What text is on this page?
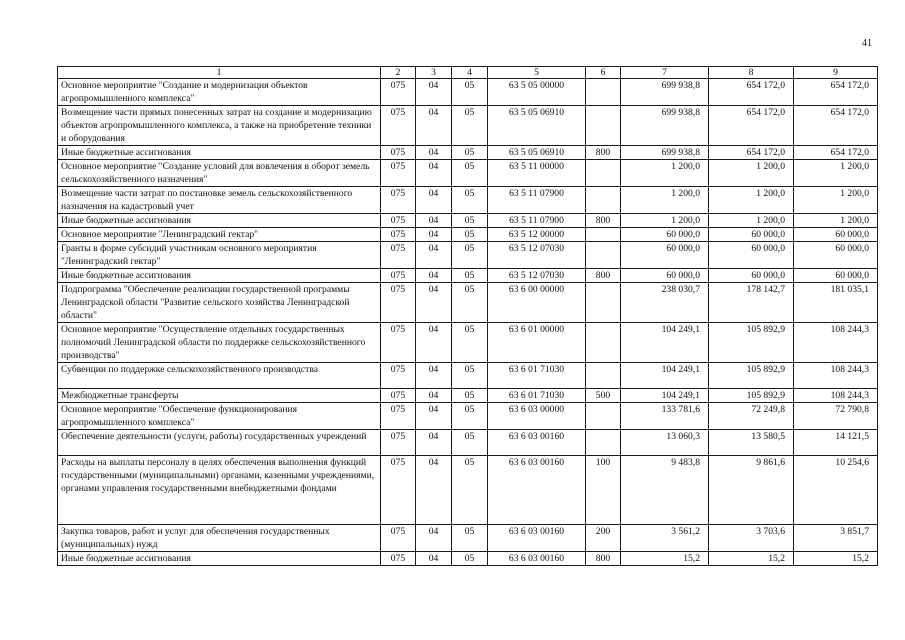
41
1	2	3	4	5	6	7	8	9
Основное мероприятие "Создание и модернизация объектов агропромышленного комплекса"	075	04	05	63 5 05 00000		699 938,8	654 172,0	654 172,0
Возмещение части прямых понесенных затрат на создание и модернизацию объектов агропромышленного комплекса, а также на приобретение техники и оборудования	075	04	05	63 5 05 06910		699 938,8	654 172,0	654 172,0
Иные бюджетные ассигнования	075	04	05	63 5 05 06910	800	699 938,8	654 172,0	654 172,0
Основное мероприятие "Создание условий для вовлечения в оборот земель сельскохозяйственного назначения"	075	04	05	63 5 11 00000		1 200,0	1 200,0	1 200,0
Возмещение части затрат по постановке земель сельскохозяйственного назначения на кадастровый учет	075	04	05	63 5 11 07900		1 200,0	1 200,0	1 200,0
Иные бюджетные ассигнования	075	04	05	63 5 11 07900	800	1 200,0	1 200,0	1 200,0
Основное мероприятие "Ленинградский гектар"	075	04	05	63 5 12 00000		60 000,0	60 000,0	60 000,0
Гранты в форме субсидий участникам основного мероприятия "Ленинградский гектар"	075	04	05	63 5 12 07030		60 000,0	60 000,0	60 000,0
Иные бюджетные ассигнования	075	04	05	63 5 12 07030	800	60 000,0	60 000,0	60 000,0
Подпрограмма "Обеспечение реализации государственной программы Ленинградской области "Развитие сельского хозяйства Ленинградской области"	075	04	05	63 6 00 00000		238 030,7	178 142,7	181 035,1
Основное мероприятие "Осуществление отдельных государственных полномочий Ленинградской области по поддержке сельскохозяйственного производства"	075	04	05	63 6 01 00000		104 249,1	105 892,9	108 244,3
Субвенции по поддержке сельскохозяйственного производства	075	04	05	63 6 01 71030		104 249,1	105 892,9	108 244,3
Межбюджетные трансферты	075	04	05	63 6 01 71030	500	104 249,1	105 892,9	108 244,3
Основное мероприятие "Обеспечение функционирования агропромышленного комплекса"	075	04	05	63 6 03 00000		133 781,6	72 249,8	72 790,8
Обеспечение деятельности (услуги, работы) государственных учреждений	075	04	05	63 6 03 00160		13 060,3	13 580,5	14 121,5
Расходы на выплаты персоналу в целях обеспечения выполнения функций государственными (муниципальными) органами, казенными учреждениями, органами управления государственными внебюджетными фондами	075	04	05	63 6 03 00160	100	9 483,8	9 861,6	10 254,6
Закупка товаров, работ и услуг для обеспечения государственных (муниципальных) нужд	075	04	05	63 6 03 00160	200	3 561,2	3 703,6	3 851,7
Иные бюджетные ассигнования	075	04	05	63 6 03 00160	800	15,2	15,2	15,2
